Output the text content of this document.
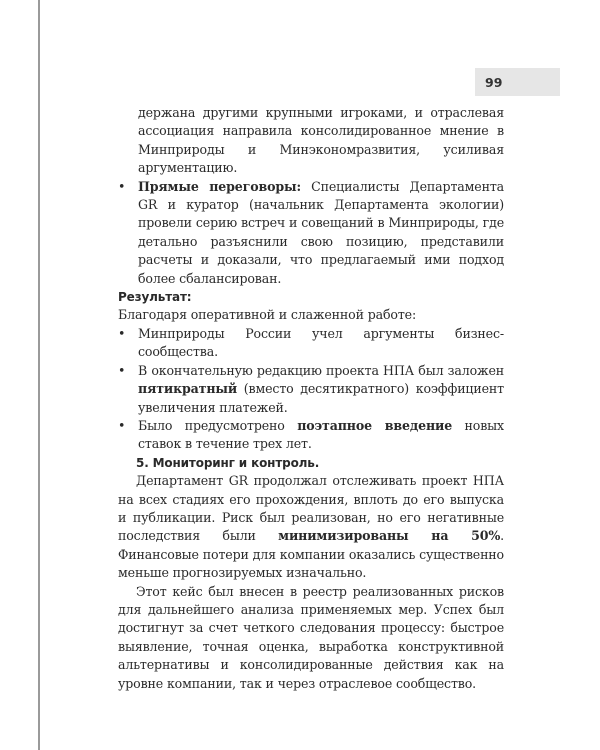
99

держана другими крупными игроками, и отраслевая ассоциация направила консолидированное мнение в Минприроды и Минэкономразвития, усиливая аргументацию.

• Прямые переговоры: Специалисты Департамента GR и куратор (начальник Департамента экологии) провели серию встреч и совещаний в Минприроды, где детально разъяснили свою позицию, представили расчеты и доказали, что предлагаемый ими подход более сбалансирован.

Результат:

Благодаря оперативной и слаженной работе:

• Минприроды России учел аргументы бизнес-сообщества.

• В окончательную редакцию проекта НПА был заложен пятикратный (вместо десятикратного) коэффициент увеличения платежей.

• Было предусмотрено поэтапное введение новых ставок в течение трех лет.

5. Мониторинг и контроль.

Департамент GR продолжал отслеживать проект НПА на всех стадиях его прохождения, вплоть до его выпуска и публикации. Риск был реализован, но его негативные последствия были минимизированы на 50%. Финансовые потери для компании оказались существенно меньше прогнозируемых изначально.

Этот кейс был внесен в реестр реализованных рисков для дальнейшего анализа применяемых мер. Успех был достигнут за счет четкого следования процессу: быстрое выявление, точная оценка, выработка конструктивной альтернативы и консолидированные действия как на уровне компании, так и через отраслевое сообщество.
